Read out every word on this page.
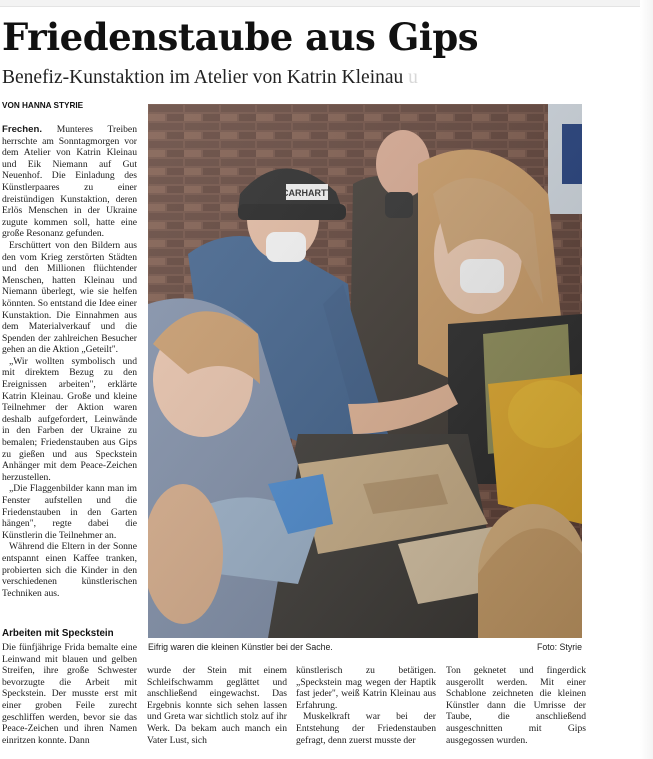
Friedenstaube aus Gips
Benefiz-Kunstaktion im Atelier von Katrin Kleinau u
VON HANNA STYRIE

Frechen. Munteres Treiben herrschte am Sonntagmorgen vor dem Atelier von Katrin Kleinau und Eik Niemann auf Gut Neuenhof. Die Einladung des Künstlerpaares zu einer dreistündigen Kunstaktion, deren Erlös Menschen in der Ukraine zugute kommen soll, hatte eine große Resonanz gefunden.

Erschüttert von den Bildern aus den vom Krieg zerstörten Städten und den Millionen flüchtender Menschen, hatten Kleinau und Niemann überlegt, wie sie helfen könnten. So entstand die Idee einer Kunstaktion. Die Einnahmen aus dem Materialverkauf und die Spenden der zahlreichen Besucher gehen an die Aktion „Geteilt".

„Wir wollten symbolisch und mit direktem Bezug zu den Ereignissen arbeiten", erklärte Katrin Kleinau. Große und kleine Teilnehmer der Aktion waren deshalb aufgefordert, Leinwände in den Farben der Ukraine zu bemalen; Friedenstauben aus Gips zu gießen und aus Speckstein Anhänger mit dem Peace-Zeichen herzustellen.

„Die Flaggenbilder kann man im Fenster aufstellen und die Friedenstauben in den Garten hängen", regte dabei die Künstlerin die Teilnehmer an.

Während die Eltern in der Sonne entspannt einen Kaffee tranken, probierten sich die Kinder in den verschiedenen künstlerischen Techniken aus.

Eifrig waren die kleinen Künstler bei der Sache.	Foto: Styrie
Arbeiten mit Speckstein

Die fünfjährige Frida bemalte eine Leinwand mit blauen und gelben Streifen, ihre große Schwester bevorzugte die Arbeit mit Speckstein. Der musste erst mit einer groben Feile zurecht geschliffen werden, bevor sie das Peace-Zeichen und ihren Namen einritzen konnte. Dann

wurde der Stein mit einem Schleifschwamm geglättet und anschließend eingewachst. Das Ergebnis konnte sich sehen lassen und Greta war sichtlich stolz auf ihr Werk. Da bekam auch manch ein Vater Lust, sich

künstlerisch zu betätigen. „Speckstein mag wegen der Haptik fast jeder", weiß Katrin Kleinau aus Erfahrung.

Muskelkraft war bei der Entstehung der Friedenstauben gefragt, denn zuerst musste der

Ton geknetet und fingerdick ausgerollt werden. Mit einer Schablone zeichneten die kleinen Künstler dann die Umrisse der Taube, die anschließend ausgeschnitten mit Gips ausgegossen wurden.
